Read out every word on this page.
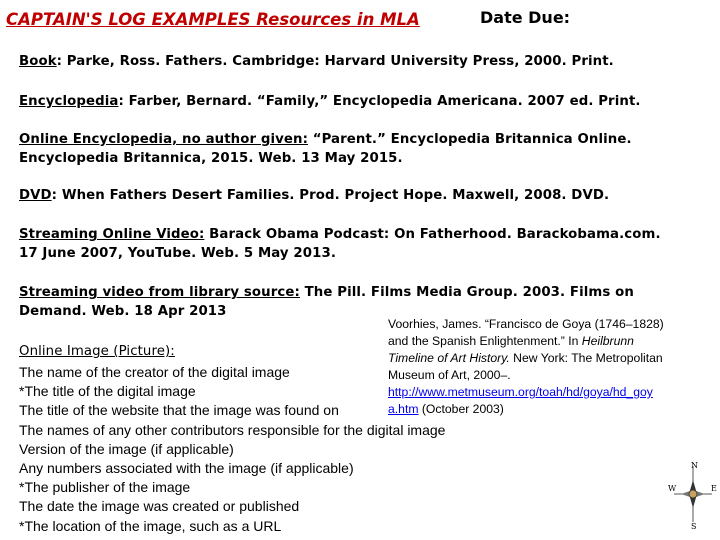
CAPTAIN'S LOG EXAMPLES Resources in MLA	Date Due:
Book: Parke, Ross. Fathers. Cambridge: Harvard University Press, 2000. Print.
Encyclopedia: Farber, Bernard. “Family,” Encyclopedia Americana. 2007 ed. Print.
Online Encyclopedia, no author given: “Parent.” Encyclopedia Britannica Online.
Encyclopedia Britannica, 2015. Web. 13 May 2015.
DVD: When Fathers Desert Families. Prod. Project Hope. Maxwell, 2008. DVD.
Streaming Online Video: Barack Obama Podcast: On Fatherhood. Barackobama.com.
17 June 2007, YouTube. Web. 5 May 2013.
Streaming video from library source: The Pill. Films Media Group. 2003. Films on
Demand. Web. 18 Apr 2013
Online Image (Picture):
The name of the creator of the digital image
*The title of the digital image
The title of the website that the image was found on
The names of any other contributors responsible for the digital image
Version of the image (if applicable)
Any numbers associated with the image (if applicable)
*The publisher of the image
The date the image was created or published
*The location of the image, such as a URL
Voorhies, James. “Francisco de Goya (1746–1828)
and the Spanish Enlightenment.” In Heilbrunn
Timeline of Art History. New York: The Metropolitan
Museum of Art, 2000–.
http://www.metmuseum.org/toah/hd/goya/hd_goy
a.htm (October 2003)
N
E
W
S
